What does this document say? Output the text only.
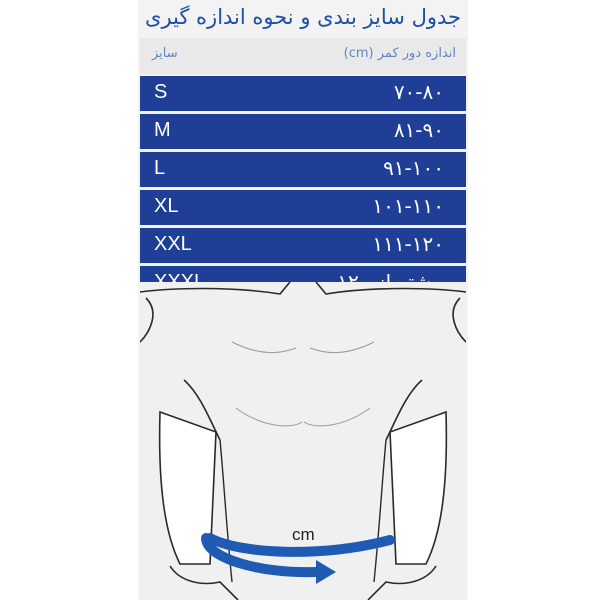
جدول سایز بندی و نحوه اندازه گیری
سایز	اندازه دور کمر (cm)
S	۷۰-۸۰
M	۸۱-۹۰
L	۹۱-۱۰۰
XL	۱۰۱-۱۱۰
XXL	۱۱۱-۱۲۰
cm
